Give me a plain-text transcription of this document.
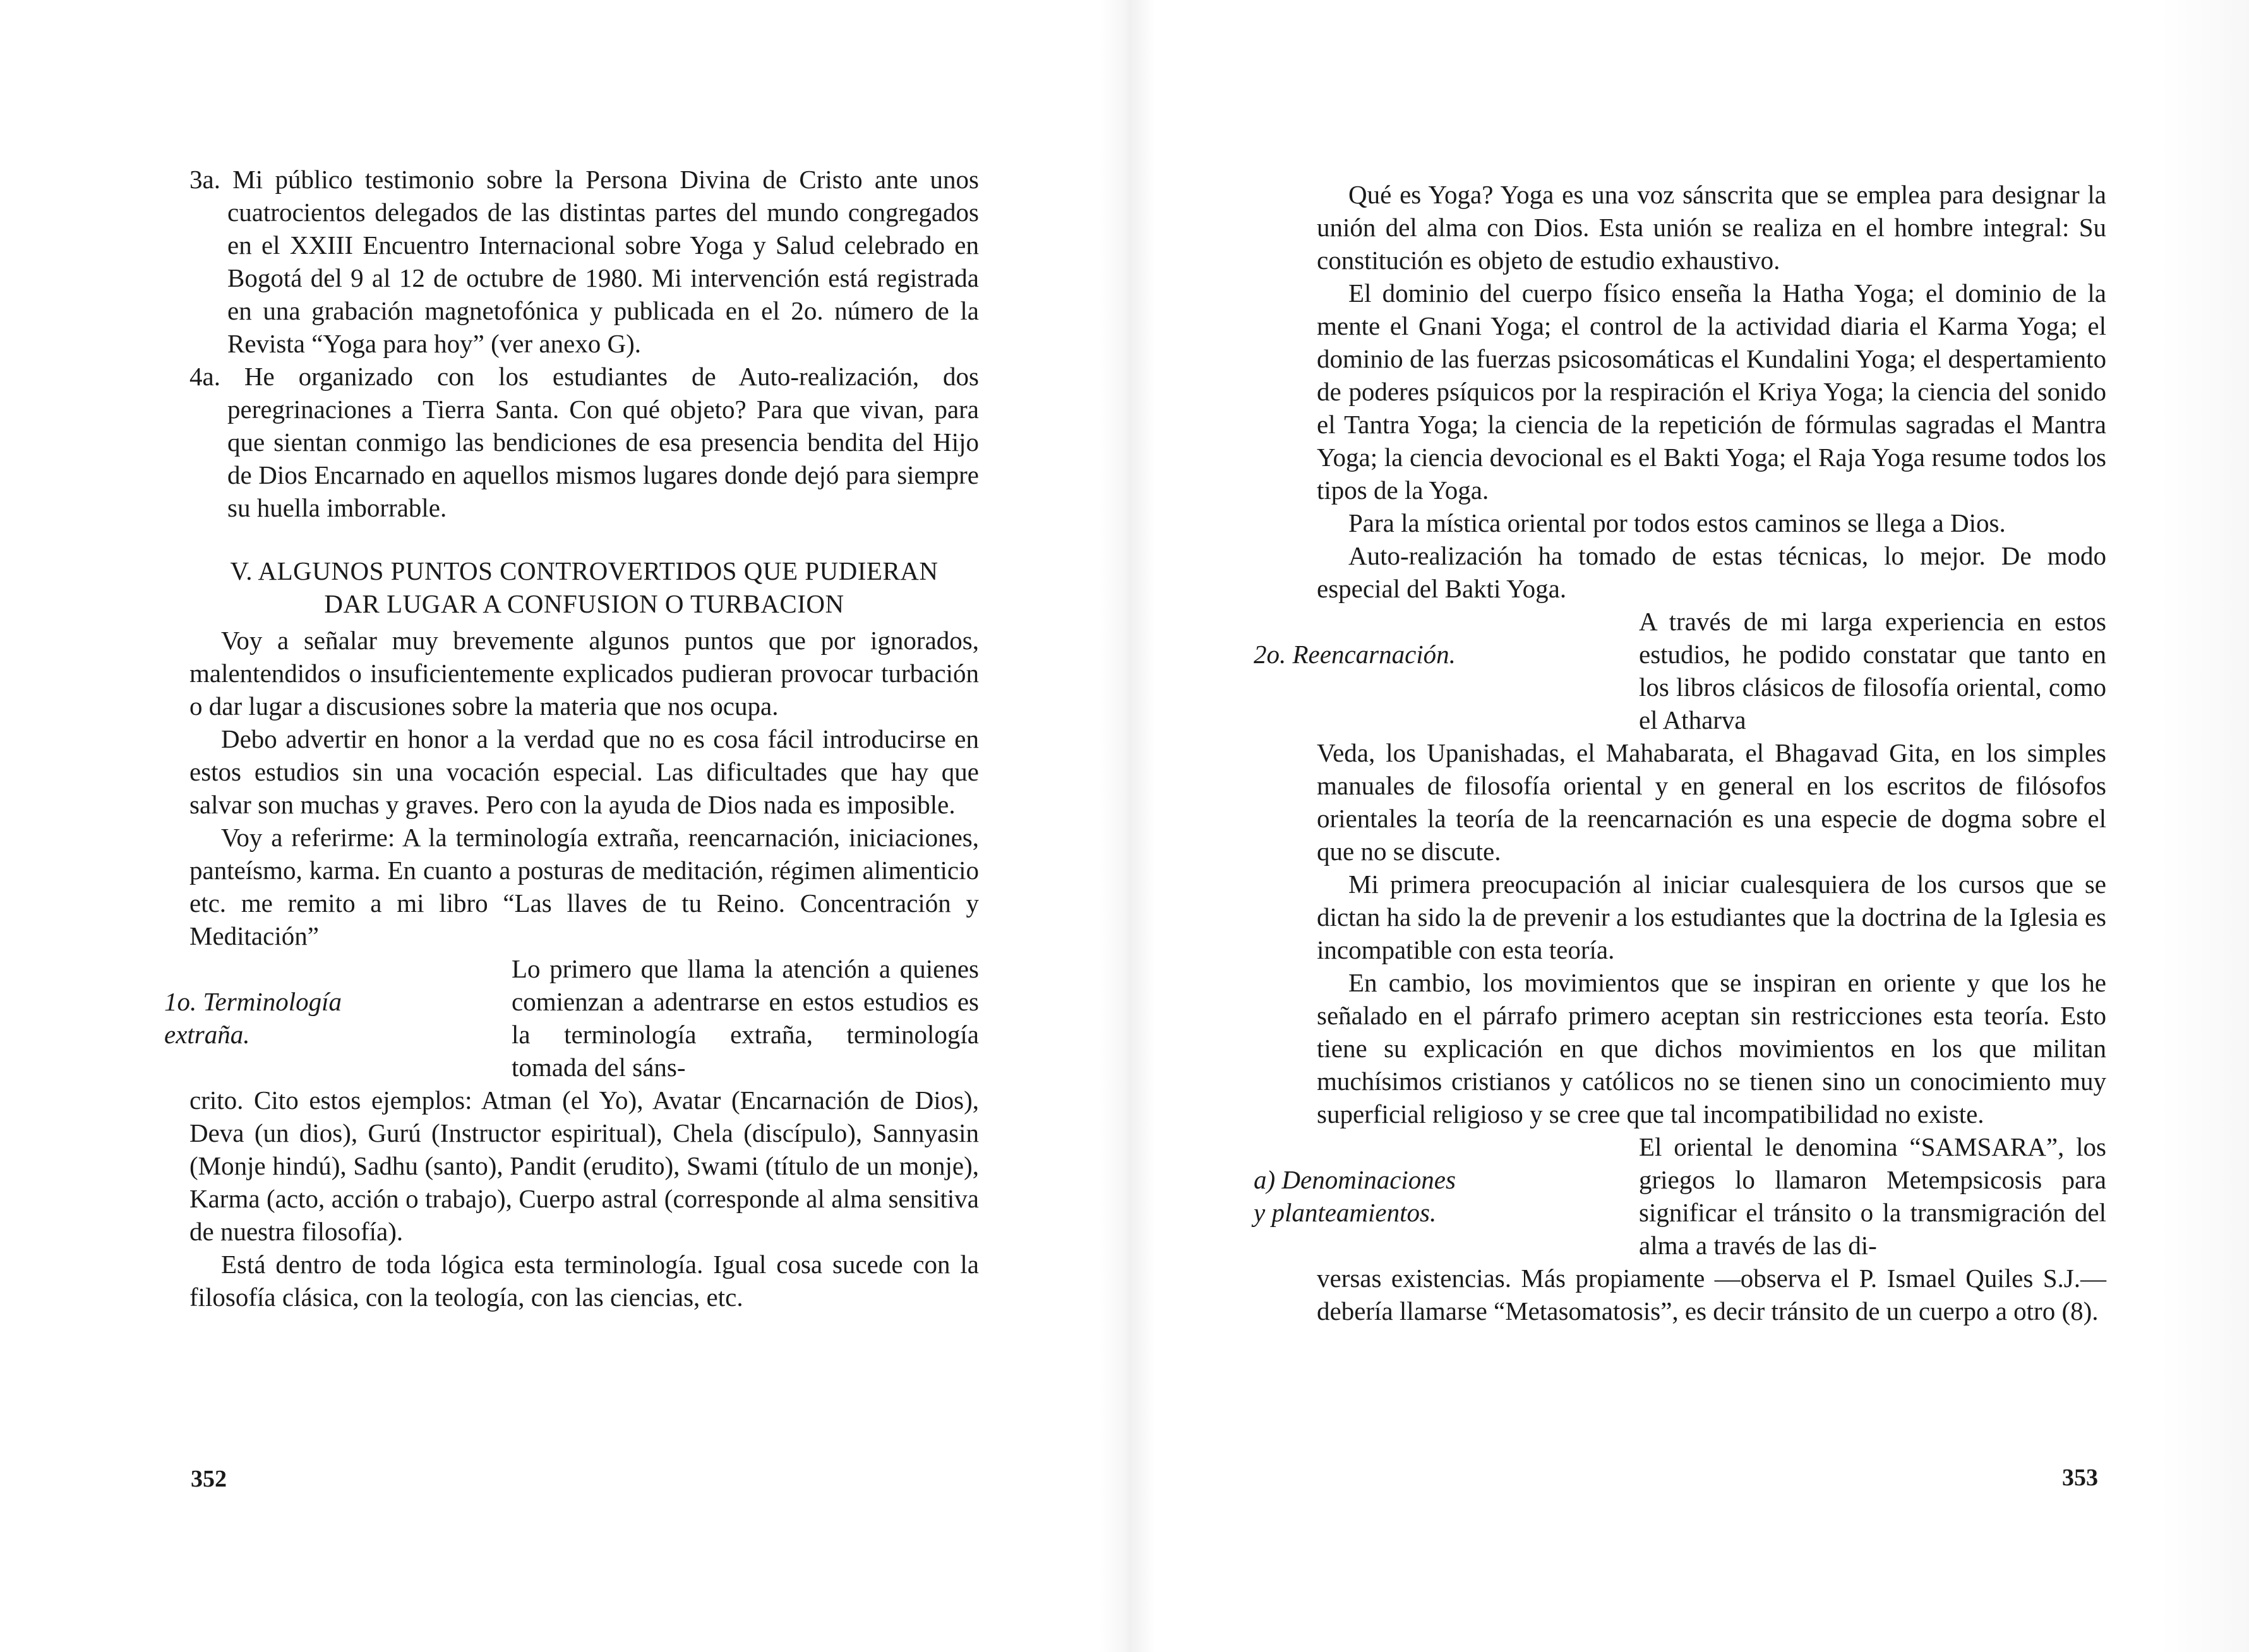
3a. Mi público testimonio sobre la Persona Divina de Cristo ante unos cuatrocientos delegados de las distintas partes del mundo congregados en el XXIII Encuentro Internacional sobre Yoga y Salud celebrado en Bogotá del 9 al 12 de octubre de 1980. Mi intervención está registrada en una grabación magnetofónica y publicada en el 2o. número de la Revista “Yoga para hoy” (ver anexo G).

4a. He organizado con los estudiantes de Auto-realización, dos peregrinaciones a Tierra Santa. Con qué objeto? Para que vivan, para que sientan conmigo las bendiciones de esa presencia bendita del Hijo de Dios Encarnado en aquellos mismos lugares donde dejó para siempre su huella imborrable.

V. ALGUNOS PUNTOS CONTROVERTIDOS QUE PUDIERAN DAR LUGAR A CONFUSION O TURBACION

Voy a señalar muy brevemente algunos puntos que por ignorados, malentendidos o insuficientemente explicados pudieran provocar turbación o dar lugar a discusiones sobre la materia que nos ocupa.

Debo advertir en honor a la verdad que no es cosa fácil introducirse en estos estudios sin una vocación especial. Las dificultades que hay que salvar son muchas y graves. Pero con la ayuda de Dios nada es imposible.

Voy a referirme: A la terminología extraña, reencarnación, iniciaciones, panteísmo, karma. En cuanto a posturas de meditación, régimen alimenticio etc. me remito a mi libro “Las llaves de tu Reino. Concentración y Meditación”

1o. Terminología extraña.

Lo primero que llama la atención a quienes comienzan a adentrarse en estos estudios es la terminología extraña, terminología tomada del sáns-

crito. Cito estos ejemplos: Atman (el Yo), Avatar (Encarnación de Dios), Deva (un dios), Gurú (Instructor espiritual), Chela (discípulo), Sannyasin (Monje hindú), Sadhu (santo), Pandit (erudito), Swami (título de un monje), Karma (acto, acción o trabajo), Cuerpo astral (corresponde al alma sensitiva de nuestra filosofía).

Está dentro de toda lógica esta terminología. Igual cosa sucede con la filosofía clásica, con la teología, con las ciencias, etc.

352

Qué es Yoga? Yoga es una voz sánscrita que se emplea para designar la unión del alma con Dios. Esta unión se realiza en el hombre integral: Su constitución es objeto de estudio exhaustivo.

El dominio del cuerpo físico enseña la Hatha Yoga; el dominio de la mente el Gnani Yoga; el control de la actividad diaria el Karma Yoga; el dominio de las fuerzas psicosomáticas el Kundalini Yoga; el despertamiento de poderes psíquicos por la respiración el Kriya Yoga; la ciencia del sonido el Tantra Yoga; la ciencia de la repetición de fórmulas sagradas el Mantra Yoga; la ciencia devocional es el Bakti Yoga; el Raja Yoga resume todos los tipos de la Yoga.

Para la mística oriental por todos estos caminos se llega a Dios.

Auto-realización ha tomado de estas técnicas, lo mejor. De modo especial del Bakti Yoga.

2o. Reencarnación.

A través de mi larga experiencia en estos estudios, he podido constatar que tanto en los libros clásicos de filosofía oriental, como el Atharva

Veda, los Upanishadas, el Mahabarata, el Bhagavad Gita, en los simples manuales de filosofía oriental y en general en los escritos de filósofos orientales la teoría de la reencarnación es una especie de dogma sobre el que no se discute.

Mi primera preocupación al iniciar cualesquiera de los cursos que se dictan ha sido la de prevenir a los estudiantes que la doctrina de la Iglesia es incompatible con esta teoría.

En cambio, los movimientos que se inspiran en oriente y que los he señalado en el párrafo primero aceptan sin restricciones esta teoría. Esto tiene su explicación en que dichos movimientos en los que militan muchísimos cristianos y católicos no se tienen sino un conocimiento muy superficial religioso y se cree que tal incompatibilidad no existe.

a) Denominaciones y planteamientos.

El oriental le denomina “SAMSARA”, los griegos lo llamaron Metempsicosis para significar el tránsito o la transmigración del alma a través de las di-

versas existencias. Más propiamente —observa el P. Ismael Quiles S.J.— debería llamarse “Metasomatosis”, es decir tránsito de un cuerpo a otro (8).

353
